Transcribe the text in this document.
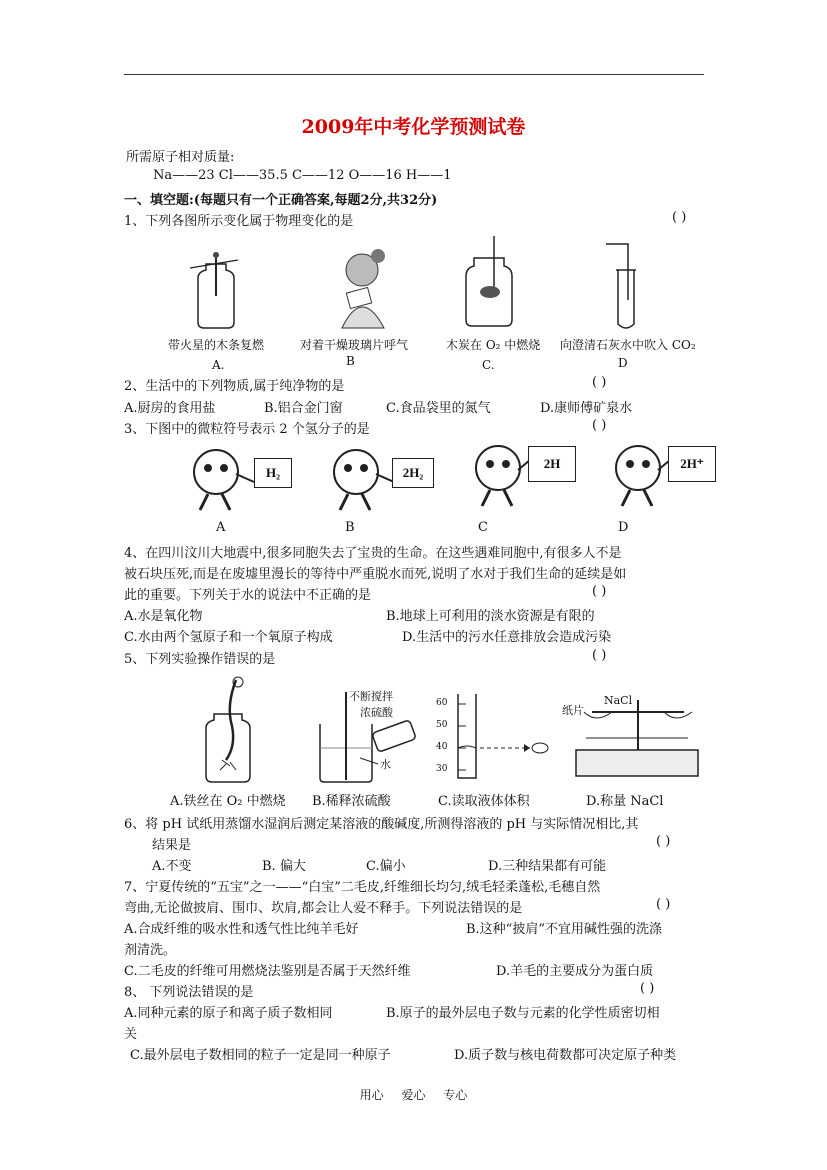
2009年中考化学预测试卷
所需原子相对质量:
Na——23 Cl——35.5 C——12 O——16 H——1
一、填空题:(每题只有一个正确答案,每题2分,共32分)
1、下列各图所示变化属于物理变化的是	( )
带火星的木条复燃	对着干燥玻璃片呼气	木炭在 O₂ 中燃烧 向澄清石灰水中吹入 CO₂
A.	B	C.	D
2、生活中的下列物质,属于纯净物的是	( )
A.厨房的食用盐	B.铝合金门窗	C.食品袋里的氮气	D.康师傅矿泉水
3、下图中的微粒符号表示 2 个氢分子的是	( )
H₂	2H₂
2H	2H⁺
A	B	C	D
4、在四川汶川大地震中,很多同胞失去了宝贵的生命。在这些遇难同胞中,有很多人不是
被石块压死,而是在废墟里漫长的等待中严重脱水而死,说明了水对于我们生命的延续是如
此的重要。下列关于水的说法中不正确的是	( )
A.水是氧化物	B.地球上可利用的淡水资源是有限的
C.水由两个氢原子和一个氧原子构成	D.生活中的污水任意排放会造成污染
5、下列实验操作错误的是	( )
不断搅拌
浓硫酸
水
60
50
40
30
纸片
NaCl
A.铁丝在 O₂ 中燃烧 B.稀释浓硫酸	C.读取液体体积	D.称量 NaCl
6、将 pH 试纸用蒸馏水湿润后测定某溶液的酸碱度,所测得溶液的 pH 与实际情况相比,其
结果是	( )
A.不变	B. 偏大	C.偏小	D.三种结果都有可能
7、宁夏传统的“五宝”之一——“白宝”二毛皮,纤维细长均匀,绒毛轻柔蓬松,毛穗自然
弯曲,无论做披肩、围巾、坎肩,都会让人爱不释手。下列说法错误的是	( )
A.合成纤维的吸水性和透气性比纯羊毛好	B.这种“披肩”不宜用碱性强的洗涤
剂清洗。
C.二毛皮的纤维可用燃烧法鉴别是否属于天然纤维	D.羊毛的主要成分为蛋白质
8、 下列说法错误的是	( )
A.同种元素的原子和离子质子数相同	B.原子的最外层电子数与元素的化学性质密切相
关
C.最外层电子数相同的粒子一定是同一种原子	D.质子数与核电荷数都可决定原子种类
用心 爱心 专心
